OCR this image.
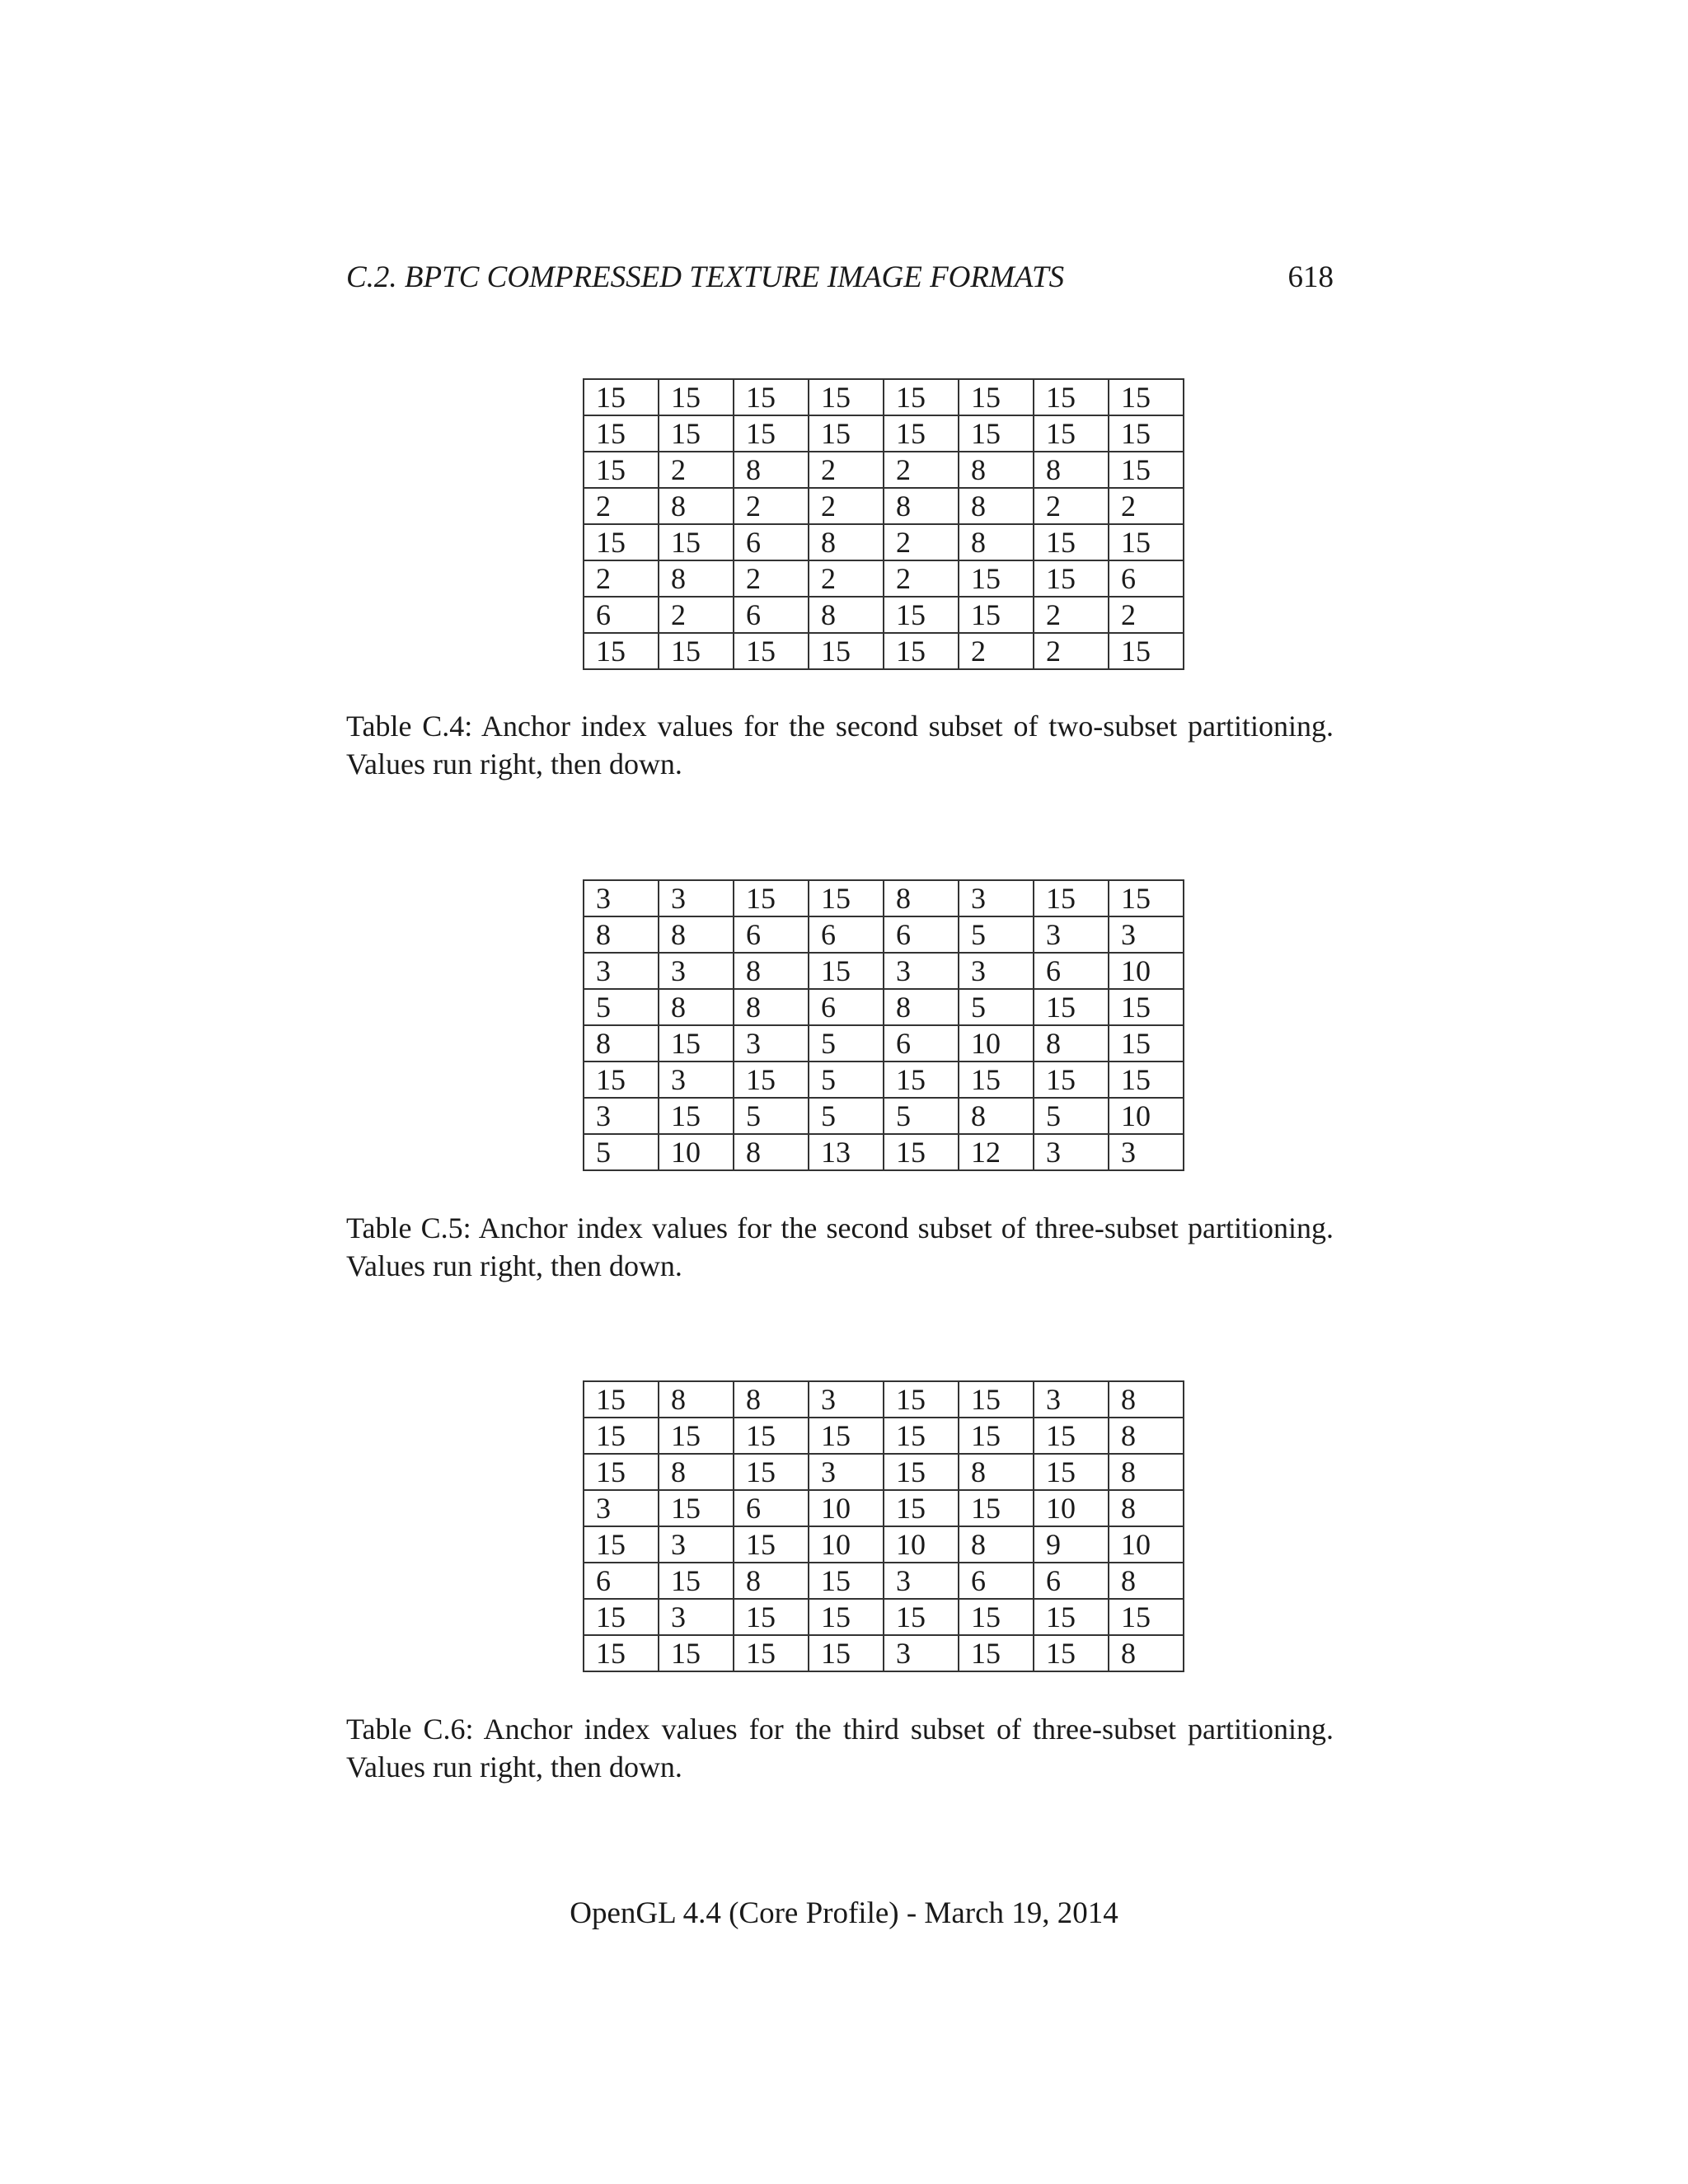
C.2. BPTC COMPRESSED TEXTURE IMAGE FORMATS	618
15	15	15	15	15	15	15	15
15	15	15	15	15	15	15	15
15	2	8	2	2	8	8	15
2	8	2	2	8	8	2	2
15	15	6	8	2	8	15	15
2	8	2	2	2	15	15	6
6	2	6	8	15	15	2	2
15	15	15	15	15	2	2	15
Table C.4: Anchor index values for the second subset of two-subset partitioning.
Values run right, then down.
3	3	15	15	8	3	15	15
8	8	6	6	6	5	3	3
3	3	8	15	3	3	6	10
5	8	8	6	8	5	15	15
8	15	3	5	6	10	8	15
15	3	15	5	15	15	15	15
3	15	5	5	5	8	5	10
5	10	8	13	15	12	3	3
Table C.5: Anchor index values for the second subset of three-subset partitioning.
Values run right, then down.
15	8	8	3	15	15	3	8
15	15	15	15	15	15	15	8
15	8	15	3	15	8	15	8
3	15	6	10	15	15	10	8
15	3	15	10	10	8	9	10
6	15	8	15	3	6	6	8
15	3	15	15	15	15	15	15
15	15	15	15	3	15	15	8
Table C.6: Anchor index values for the third subset of three-subset partitioning.
Values run right, then down.
OpenGL 4.4 (Core Profile) - March 19, 2014
